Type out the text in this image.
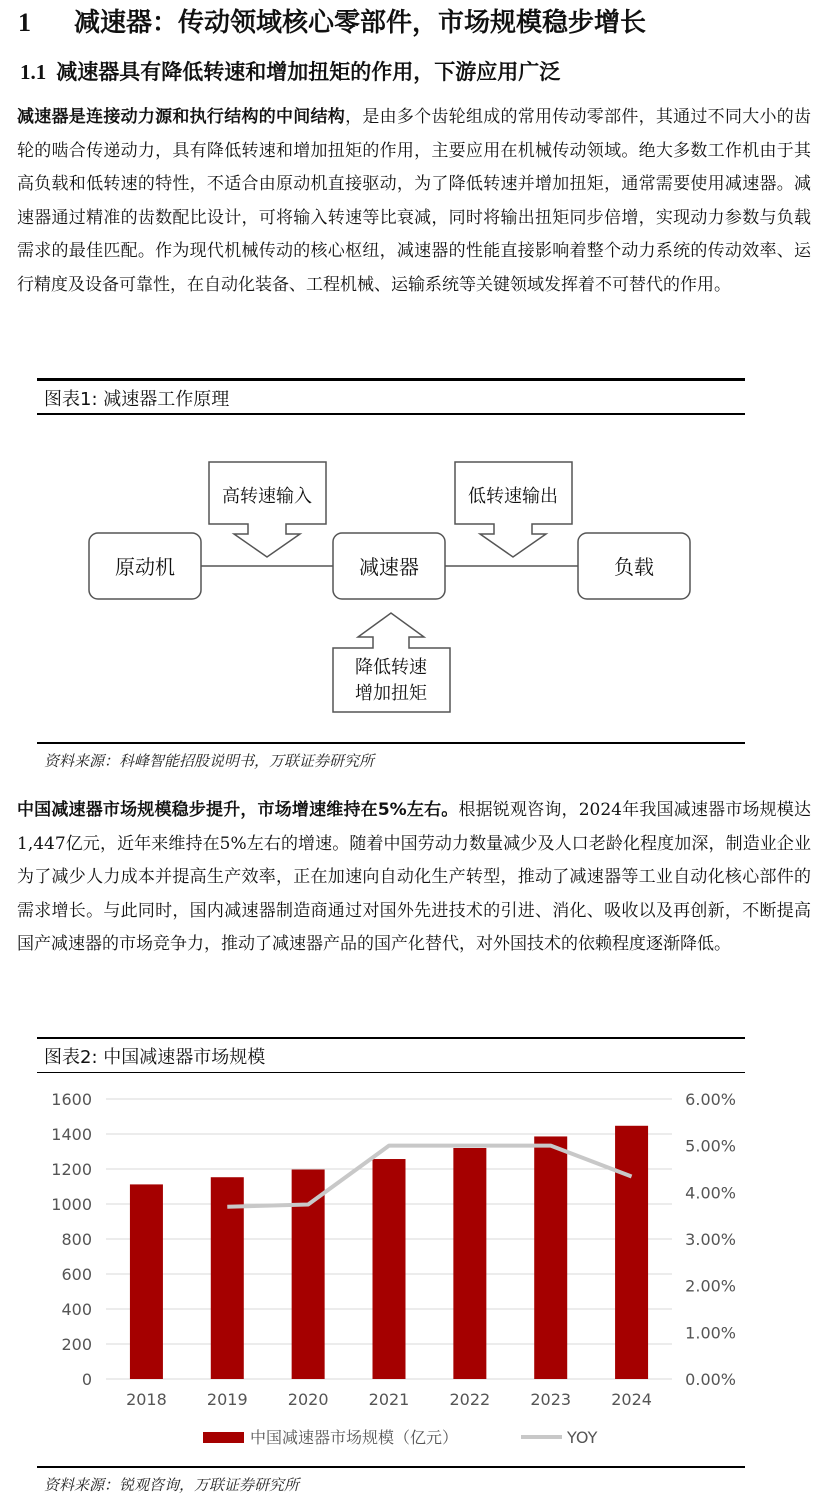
1 减速器：传动领域核心零部件，市场规模稳步增长
1.1 减速器具有降低转速和增加扭矩的作用，下游应用广泛
减速器是连接动力源和执行结构的中间结构，是由多个齿轮组成的常用传动零部件，其通过不同大小的齿轮的啮合传递动力，具有降低转速和增加扭矩的作用，主要应用在机械传动领域。绝大多数工作机由于其高负载和低转速的特性，不适合由原动机直接驱动，为了降低转速并增加扭矩，通常需要使用减速器。减速器通过精准的齿数配比设计，可将输入转速等比衰减，同时将输出扭矩同步倍增，实现动力参数与负载需求的最佳匹配。作为现代机械传动的核心枢纽，减速器的性能直接影响着整个动力系统的传动效率、运行精度及设备可靠性，在自动化装备、工程机械、运输系统等关键领域发挥着不可替代的作用。
图表1: 减速器工作原理
原动机	减速器	负载
高转速输入	低转速输出
降低转速
增加扭矩
资料来源：科峰智能招股说明书，万联证券研究所
中国减速器市场规模稳步提升，市场增速维持在5%左右。根据锐观咨询，2024年我国减速器市场规模达1,447亿元，近年来维持在5%左右的增速。随着中国劳动力数量减少及人口老龄化程度加深，制造业企业为了减少人力成本并提高生产效率，正在加速向自动化生产转型，推动了减速器等工业自动化核心部件的需求增长。与此同时，国内减速器制造商通过对国外先进技术的引进、消化、吸收以及再创新，不断提高国产减速器的市场竞争力，推动了减速器产品的国产化替代，对外国技术的依赖程度逐渐降低。
图表2: 中国减速器市场规模
0
200
400
600
800
1000
1200
1400
1600
0.00%
1.00%
2.00%
3.00%
4.00%
5.00%
6.00%
2018	2019	2020	2021	2022	2023	2024
中国减速器市场规模（亿元）	YOY
资料来源：锐观咨询，万联证券研究所
